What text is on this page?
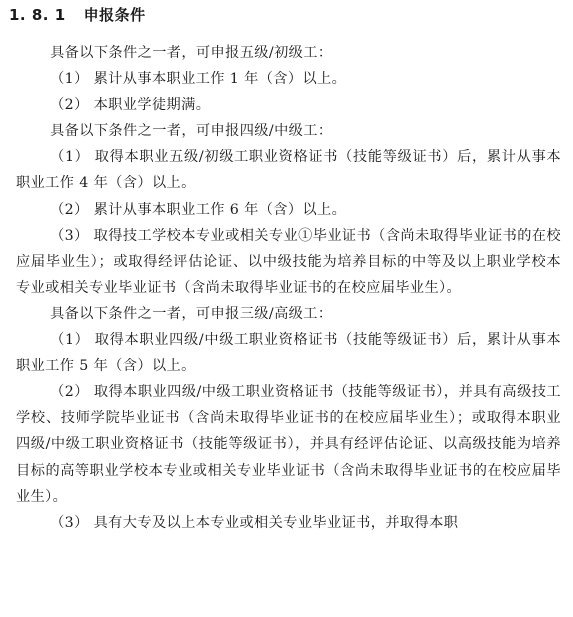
1. 8. 1 申报条件

具备以下条件之一者，可申报五级/初级工：

（1） 累计从事本职业工作 1 年（含）以上。

（2） 本职业学徒期满。

具备以下条件之一者，可申报四级/中级工：

（1） 取得本职业五级/初级工职业资格证书（技能等级证书）后，累计从事本职业工作 4 年（含）以上。

（2） 累计从事本职业工作 6 年（含）以上。

（3） 取得技工学校本专业或相关专业①毕业证书（含尚未取得毕业证书的在校应届毕业生）；或取得经评估论证、以中级技能为培养目标的中等及以上职业学校本专业或相关专业毕业证书（含尚未取得毕业证书的在校应届毕业生）。

具备以下条件之一者，可申报三级/高级工：

（1） 取得本职业四级/中级工职业资格证书（技能等级证书）后，累计从事本职业工作 5 年（含）以上。

（2） 取得本职业四级/中级工职业资格证书（技能等级证书），并具有高级技工学校、技师学院毕业证书（含尚未取得毕业证书的在校应届毕业生）；或取得本职业四级/中级工职业资格证书（技能等级证书），并具有经评估论证、以高级技能为培养目标的高等职业学校本专业或相关专业毕业证书（含尚未取得毕业证书的在校应届毕业生）。

（3） 具有大专及以上本专业或相关专业毕业证书，并取得本职
